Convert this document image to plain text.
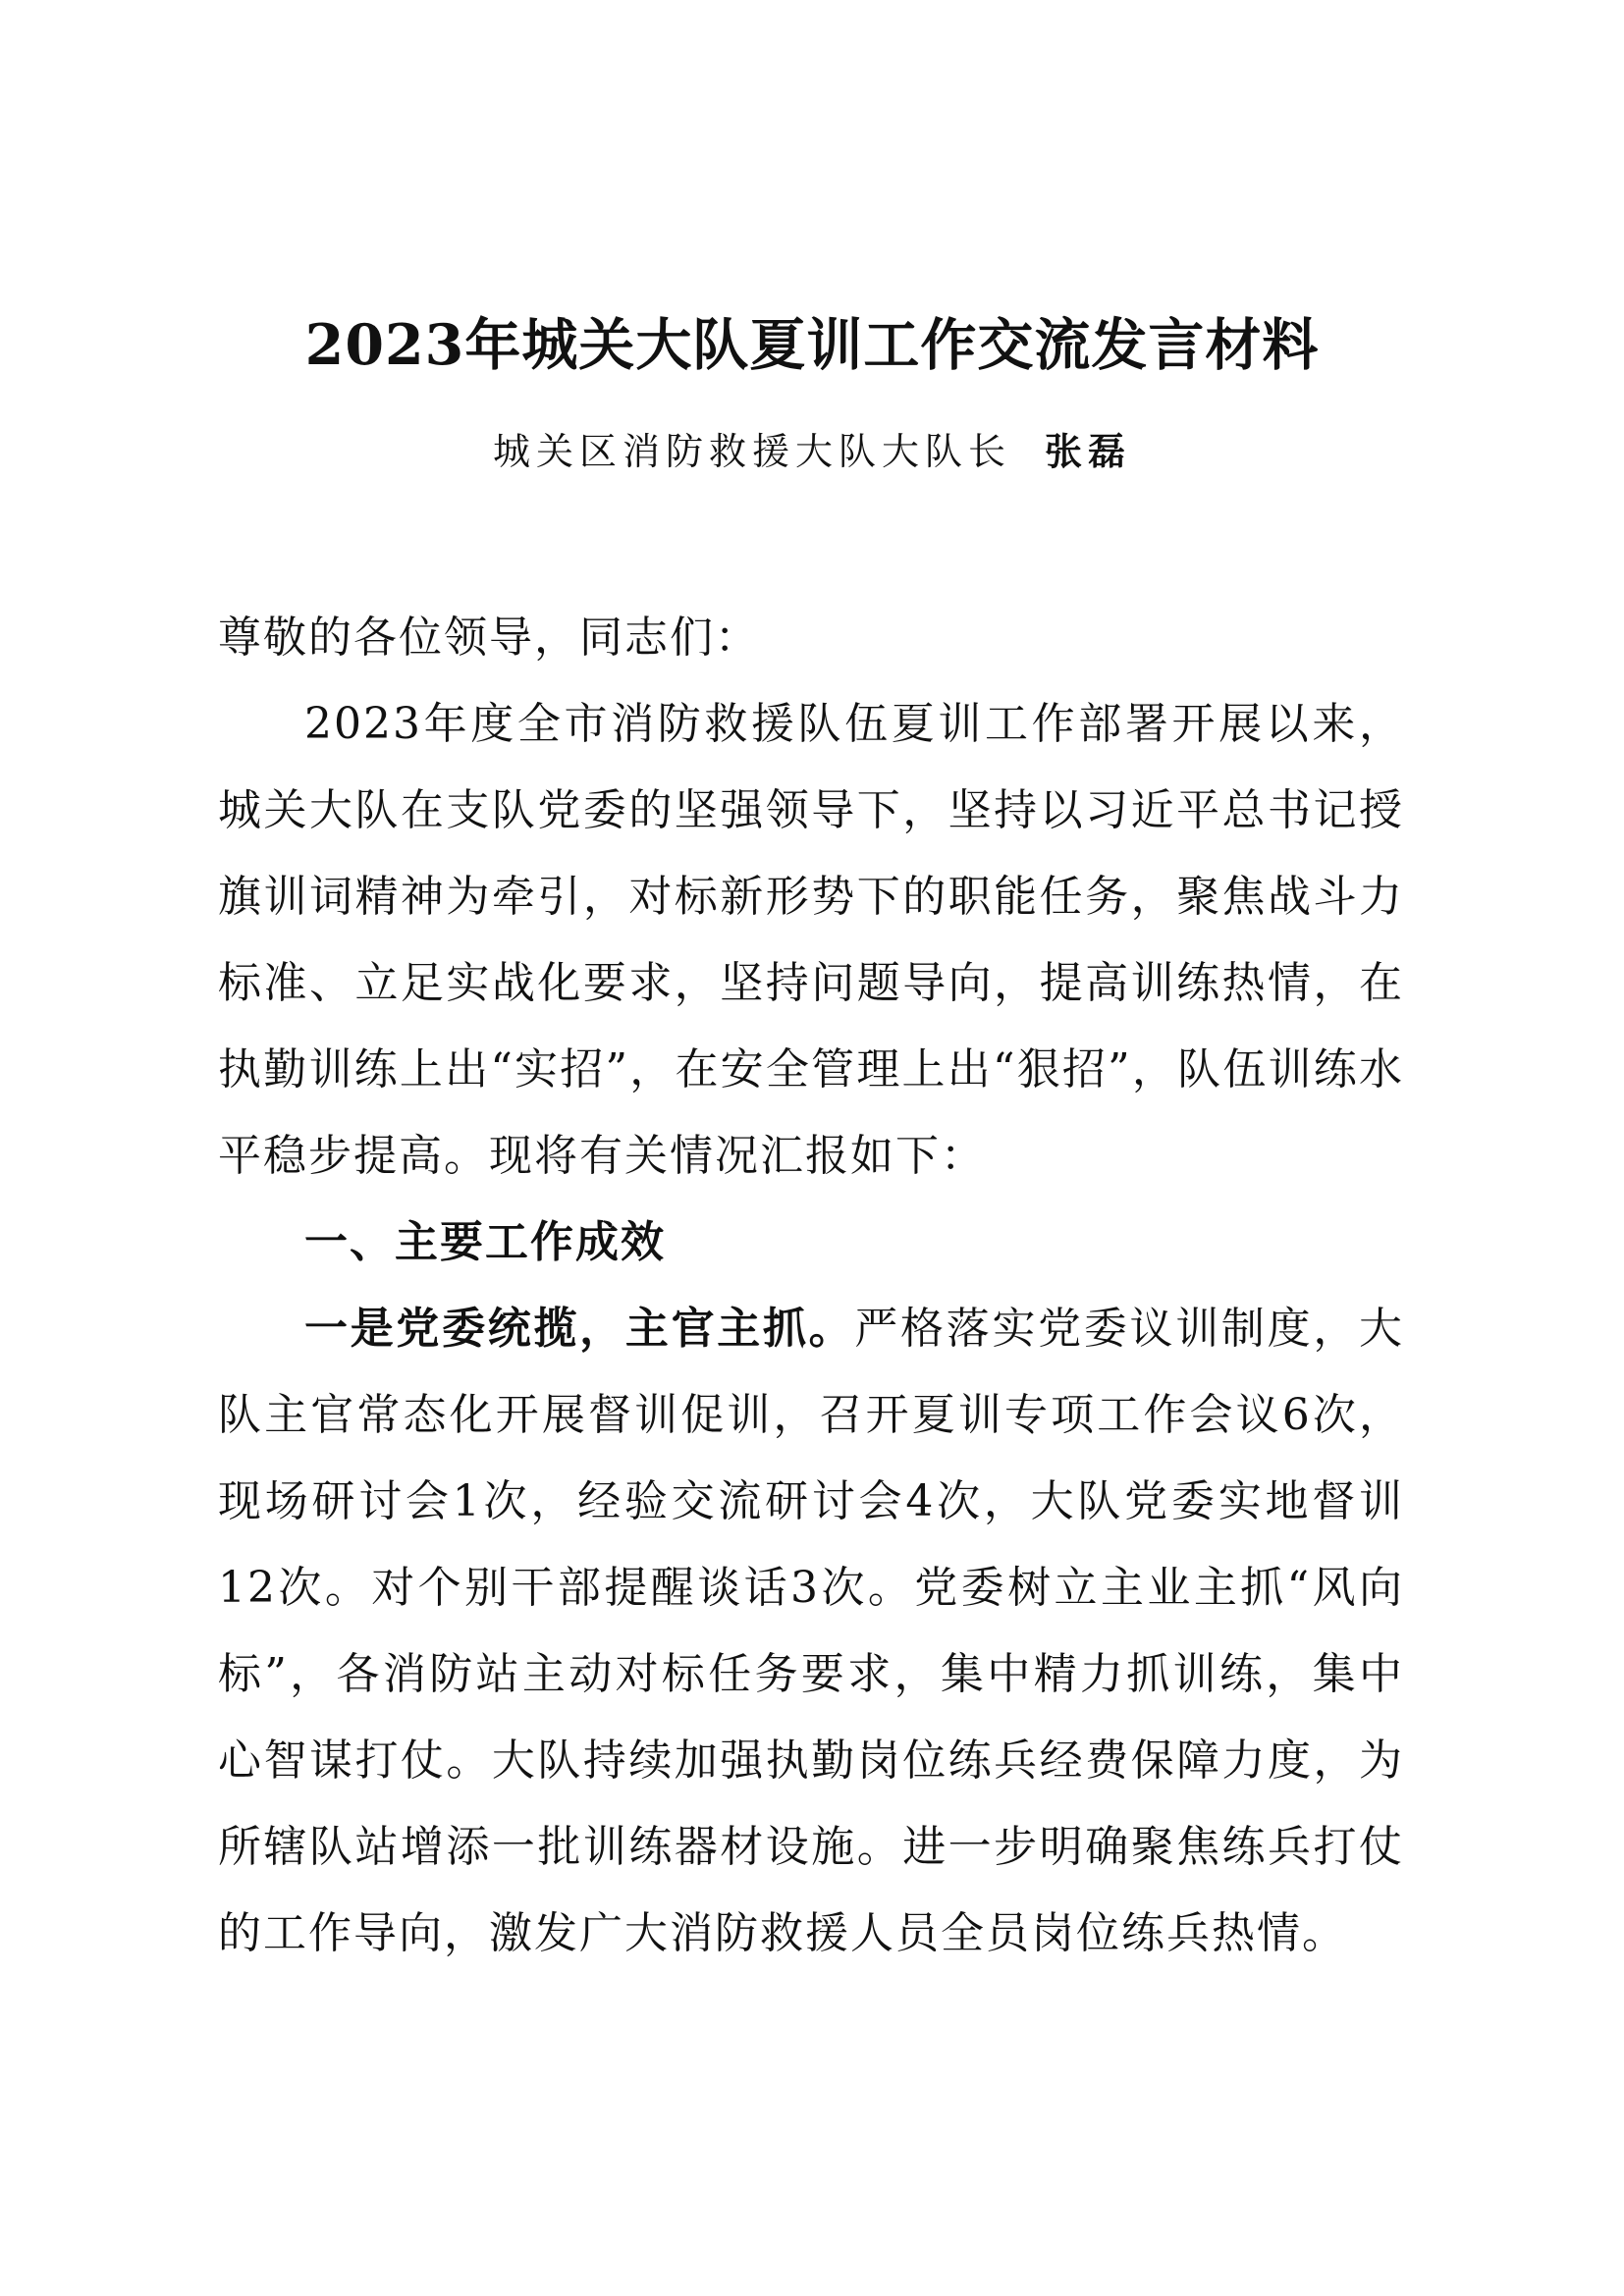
2023年城关大队夏训工作交流发言材料

城关区消防救援大队大队长 张磊

尊敬的各位领导，同志们：

2023年度全市消防救援队伍夏训工作部署开展以来，城关大队在支队党委的坚强领导下，坚持以习近平总书记授旗训词精神为牵引，对标新形势下的职能任务，聚焦战斗力标准、立足实战化要求，坚持问题导向，提高训练热情，在执勤训练上出“实招”，在安全管理上出“狠招”，队伍训练水平稳步提高。现将有关情况汇报如下：

一、主要工作成效

一是党委统揽，主官主抓。严格落实党委议训制度，大队主官常态化开展督训促训，召开夏训专项工作会议6次，现场研讨会1次，经验交流研讨会4次，大队党委实地督训12次。对个别干部提醒谈话3次。党委树立主业主抓“风向标”，各消防站主动对标任务要求，集中精力抓训练，集中心智谋打仗。大队持续加强执勤岗位练兵经费保障力度，为所辖队站增添一批训练器材设施。进一步明确聚焦练兵打仗的工作导向，激发广大消防救援人员全员岗位练兵热情。
